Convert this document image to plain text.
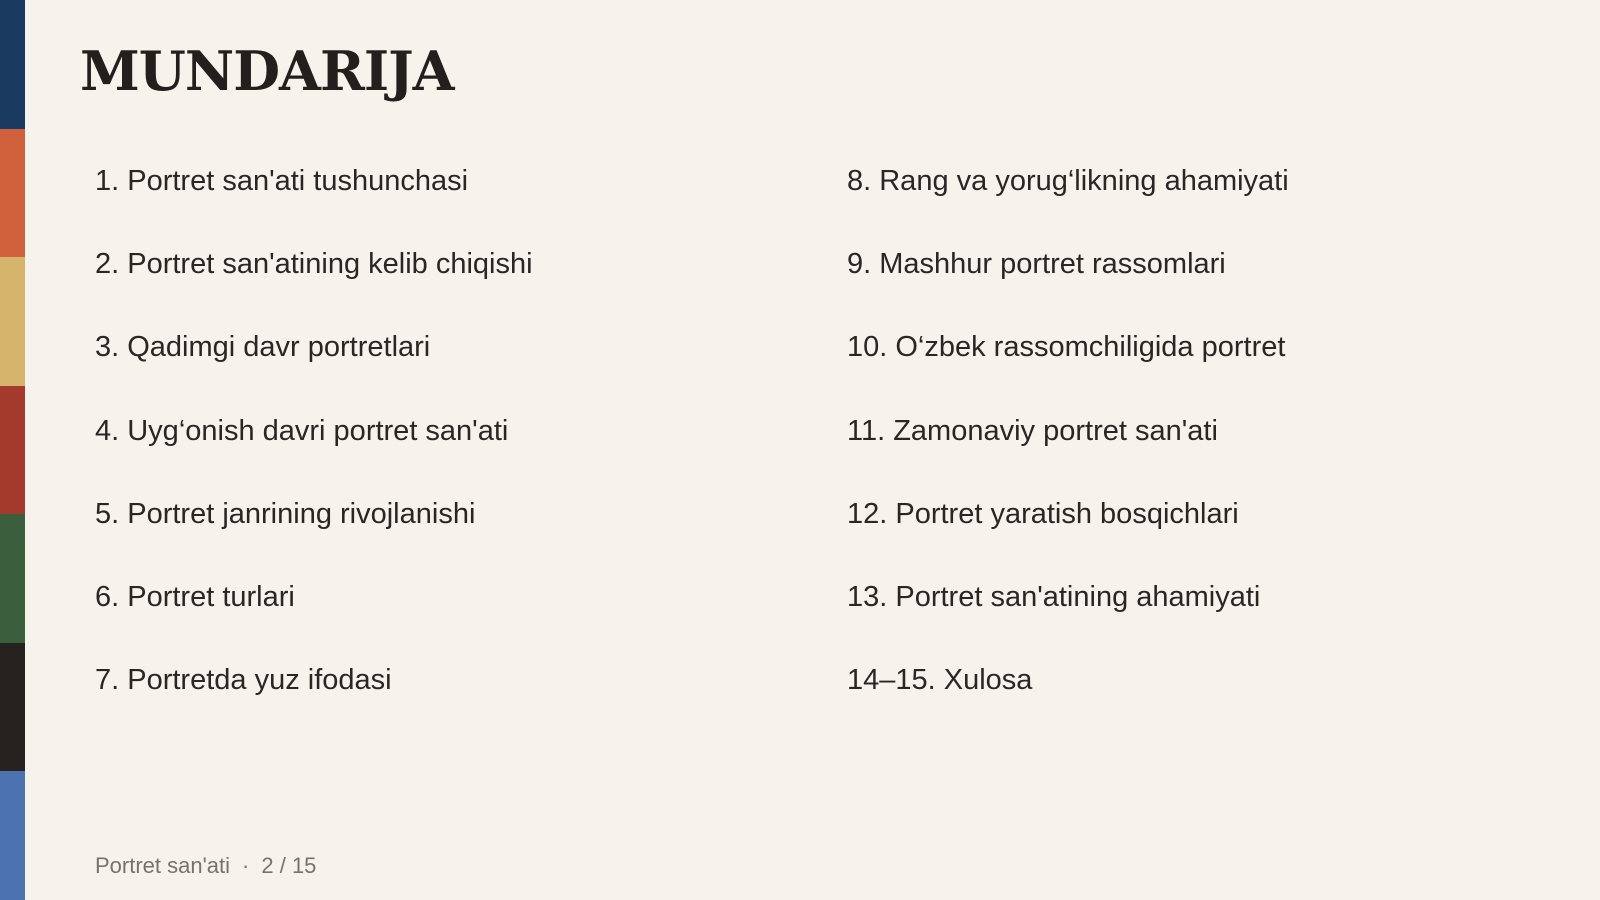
MUNDARIJA
1. Portret san'ati tushunchasi
2. Portret san'atining kelib chiqishi
3. Qadimgi davr portretlari
4. Uyg‘onish davri portret san'ati
5. Portret janrining rivojlanishi
6. Portret turlari
7. Portretda yuz ifodasi
8. Rang va yorug‘likning ahamiyati
9. Mashhur portret rassomlari
10. O‘zbek rassomchiligida portret
11. Zamonaviy portret san'ati
12. Portret yaratish bosqichlari
13. Portret san'atining ahamiyati
14–15. Xulosa
Portret san'ati · 2 / 15
